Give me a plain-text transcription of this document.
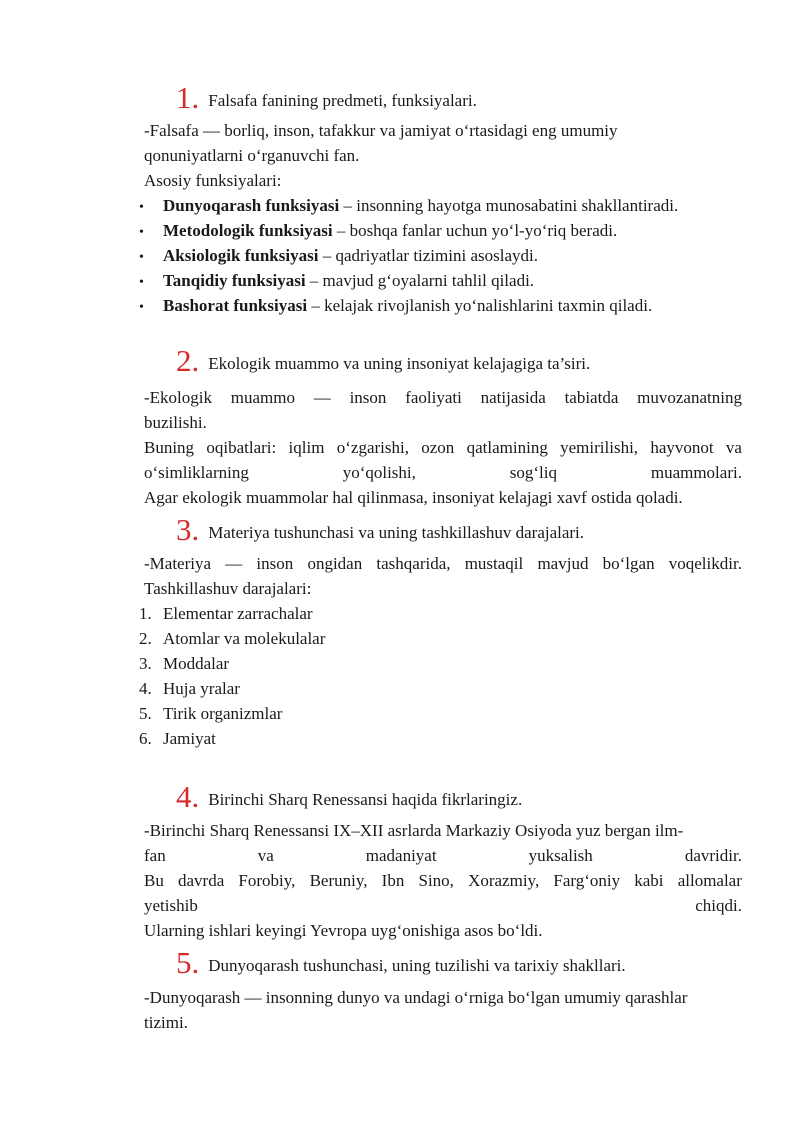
1. Falsafa fanining predmeti, funksiyalari.
-Falsafa — borliq, inson, tafakkur va jamiyat o‘rtasidagi eng umumiy
qonuniyatlarni o‘rganuvchi fan.
Asosiy funksiyalari:
• Dunyoqarash funksiyasi – insonning hayotga munosabatini shakllantiradi.
• Metodologik funksiyasi – boshqa fanlar uchun yo‘l-yo‘riq beradi.
• Aksiologik funksiyasi – qadriyatlar tizimini asoslaydi.
• Tanqidiy funksiyasi – mavjud g‘oyalarni tahlil qiladi.
• Bashorat funksiyasi – kelajak rivojlanish yo‘nalishlarini taxmin qiladi.
2. Ekologik muammo va uning insoniyat kelajagiga ta’siri.
-Ekologik muammo — inson faoliyati natijasida tabiatda muvozanatning
buzilishi.
Buning oqibatlari: iqlim o‘zgarishi, ozon qatlamining yemirilishi, hayvonot va
o‘simliklarning	yo‘qolishi,	sog‘liq	muammolari.
Agar ekologik muammolar hal qilinmasa, insoniyat kelajagi xavf ostida qoladi.
3. Materiya tushunchasi va uning tashkillashuv darajalari.
-Materiya — inson ongidan tashqarida, mustaqil mavjud bo‘lgan voqelikdir.
Tashkillashuv darajalari:
1. Elementar zarrachalar
2. Atomlar va molekulalar
3. Moddalar
4. Huja yralar
5. Tirik organizmlar
6. Jamiyat
4. Birinchi Sharq Renessansi haqida fikrlaringiz.
-Birinchi Sharq Renessansi IX–XII asrlarda Markaziy Osiyoda yuz bergan ilm-
fan	va	madaniyat	yuksalish	davridir.
Bu davrda Forobiy, Beruniy, Ibn Sino, Xorazmiy, Farg‘oniy kabi allomalar
yetishib	chiqdi.
Ularning ishlari keyingi Yevropa uyg‘onishiga asos bo‘ldi.
5. Dunyoqarash tushunchasi, uning tuzilishi va tarixiy shakllari.
-Dunyoqarash — insonning dunyo va undagi o‘rniga bo‘lgan umumiy qarashlar
tizimi.
